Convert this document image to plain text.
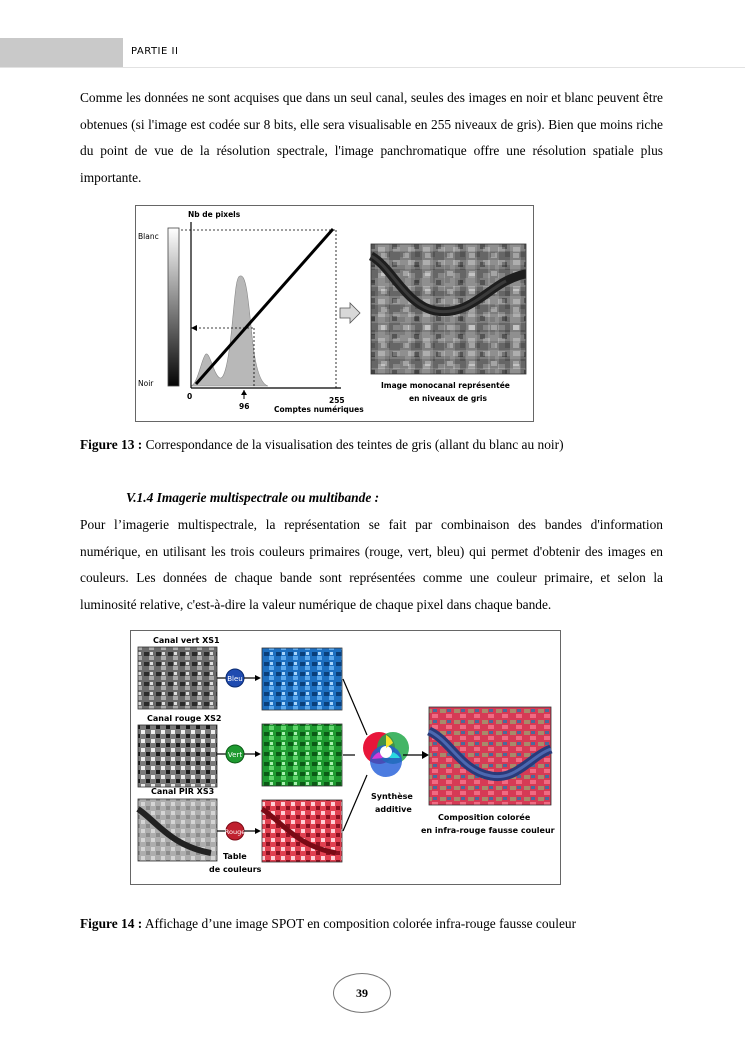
PARTIE II

Comme les données ne sont acquises que dans un seul canal, seules des images en noir et blanc peuvent être obtenues (si l'image est codée sur 8 bits, elle sera visualisable en 255 niveaux de gris). Bien que moins riche du point de vue de la résolution spectrale, l'image panchromatique offre une résolution spatiale plus importante.

Nb de pixels
Blanc
Noir
0
96
255
Comptes numériques
Image monocanal représentée
en niveaux de gris

Figure 13 : Correspondance de la visualisation des teintes de gris (allant du blanc au noir)

V.1.4 Imagerie multispectrale ou multibande :

Pour l’imagerie multispectrale, la représentation se fait par combinaison des bandes d'information numérique, en utilisant les trois couleurs primaires (rouge, vert, bleu) qui permet d'obtenir des images en couleurs. Les données de chaque bande sont représentées comme une couleur primaire, et selon la luminosité relative, c'est-à-dire la valeur numérique de chaque pixel dans chaque bande.

Canal vert XS1
Canal rouge XS2
Canal PIR XS3
Bleu
Vert
Rouge
Table
de couleurs
Synthèse
additive
Composition colorée
en infra-rouge fausse couleur

Figure 14 : Affichage d’une image SPOT en composition colorée infra-rouge fausse couleur

39
